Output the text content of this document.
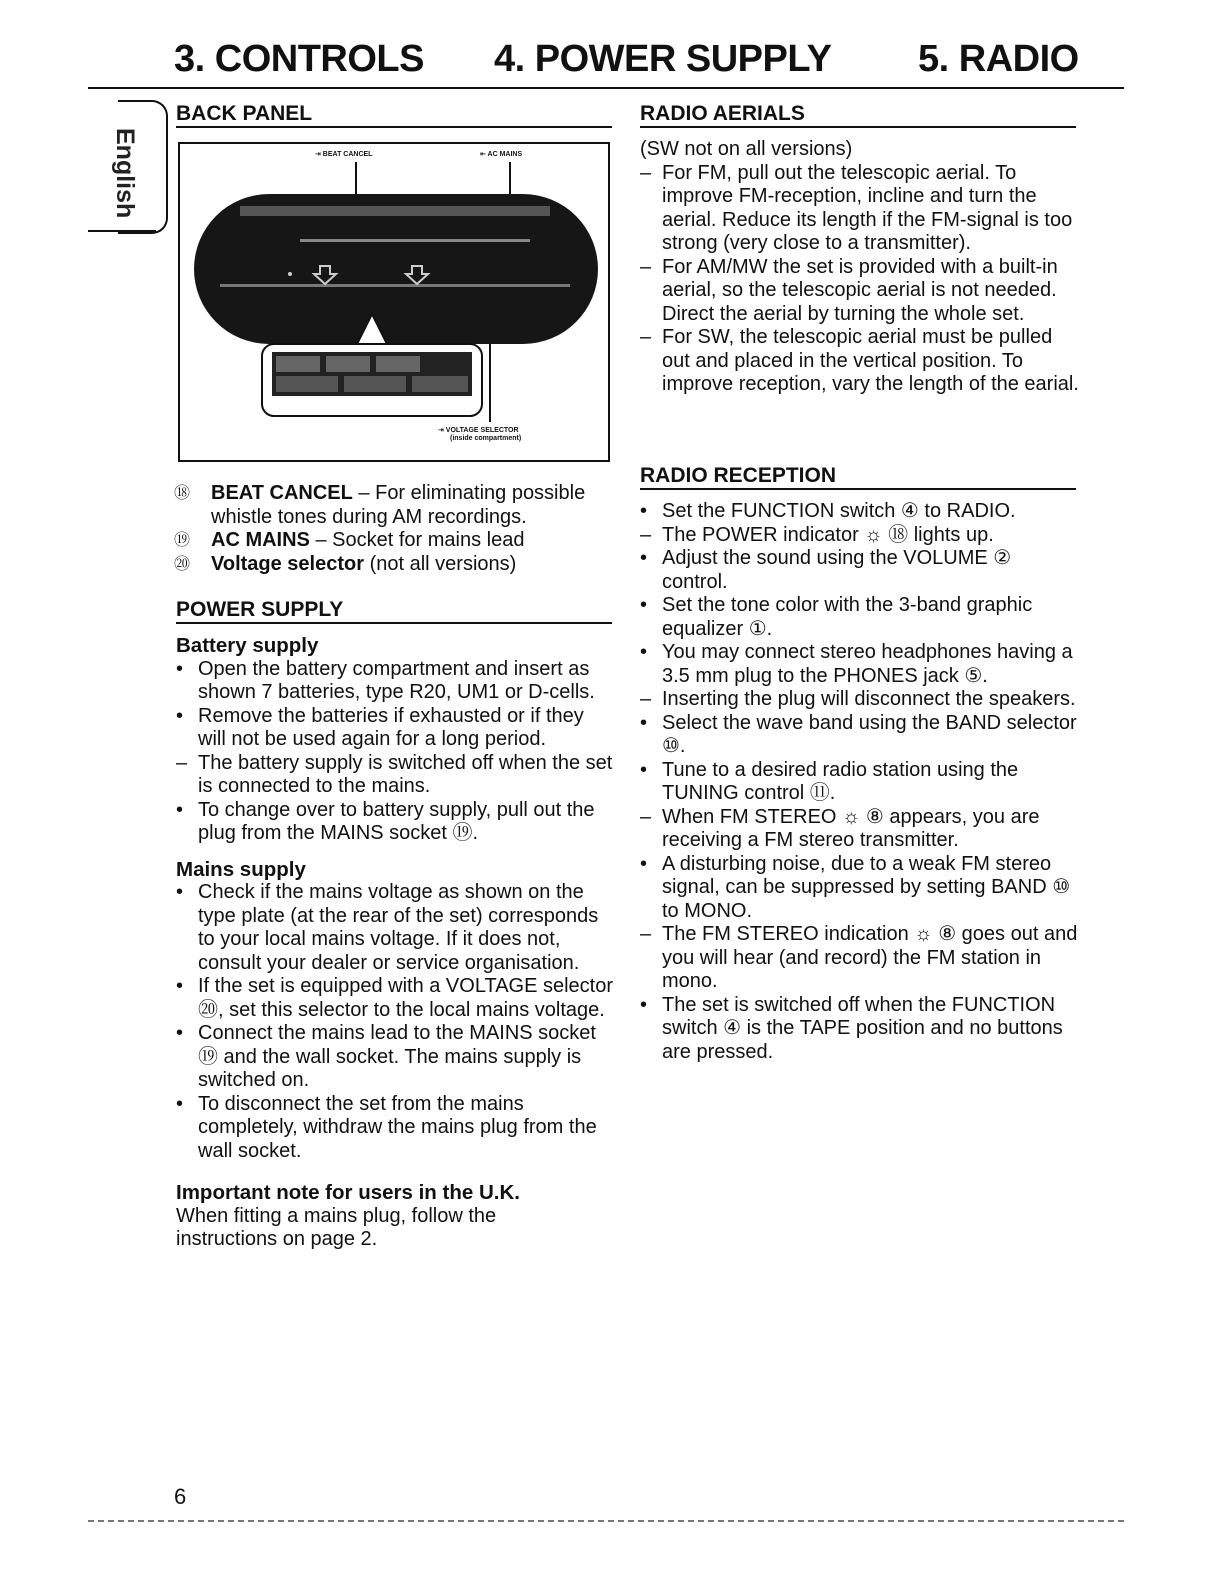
3. CONTROLS 4. POWER SUPPLY 5. RADIO
English
BACK PANEL
⇥ BEAT CANCEL	⇤ AC MAINS
⇥ VOLTAGE SELECTOR
(inside compartment)

⑱ BEAT CANCEL – For eliminating possible whistle tones during AM recordings.

⑲ AC MAINS – Socket for mains lead

⑳ Voltage selector (not all versions)

POWER SUPPLY

Battery supply

• Open the battery compartment and insert as shown 7 batteries, type R20, UM1 or D-cells.

• Remove the batteries if exhausted or if they will not be used again for a long period.

– The battery supply is switched off when the set is connected to the mains.

• To change over to battery supply, pull out the plug from the MAINS socket ⑲.

Mains supply

• Check if the mains voltage as shown on the type plate (at the rear of the set) corresponds to your local mains voltage. If it does not, consult your dealer or service organisation.

• If the set is equipped with a VOLTAGE selector ⑳, set this selector to the local mains voltage.

• Connect the mains lead to the MAINS socket ⑲ and the wall socket. The mains supply is switched on.

• To disconnect the set from the mains completely, withdraw the mains plug from the wall socket.

Important note for users in the U.K.

When fitting a mains plug, follow the instructions on page 2.

RADIO AERIALS

(SW not on all versions)

– For FM, pull out the telescopic aerial. To improve FM-reception, incline and turn the aerial. Reduce its length if the FM-signal is too strong (very close to a transmitter).

– For AM/MW the set is provided with a built-in aerial, so the telescopic aerial is not needed. Direct the aerial by turning the whole set.

– For SW, the telescopic aerial must be pulled out and placed in the vertical position. To improve reception, vary the length of the earial.

RADIO RECEPTION

• Set the FUNCTION switch ④ to RADIO.

– The POWER indicator ☼ ⑱ lights up.

• Adjust the sound using the VOLUME ② control.

• Set the tone color with the 3-band graphic equalizer ①.

• You may connect stereo headphones having a 3.5 mm plug to the PHONES jack ⑤.

– Inserting the plug will disconnect the speakers.

• Select the wave band using the BAND selector ⑩.

• Tune to a desired radio station using the TUNING control ⑪.

– When FM STEREO ☼ ⑧ appears, you are receiving a FM stereo transmitter.

• A disturbing noise, due to a weak FM stereo signal, can be suppressed by setting BAND ⑩ to MONO.

– The FM STEREO indication ☼ ⑧ goes out and you will hear (and record) the FM station in mono.

• The set is switched off when the FUNCTION switch ④ is the TAPE position and no buttons are pressed.

6
